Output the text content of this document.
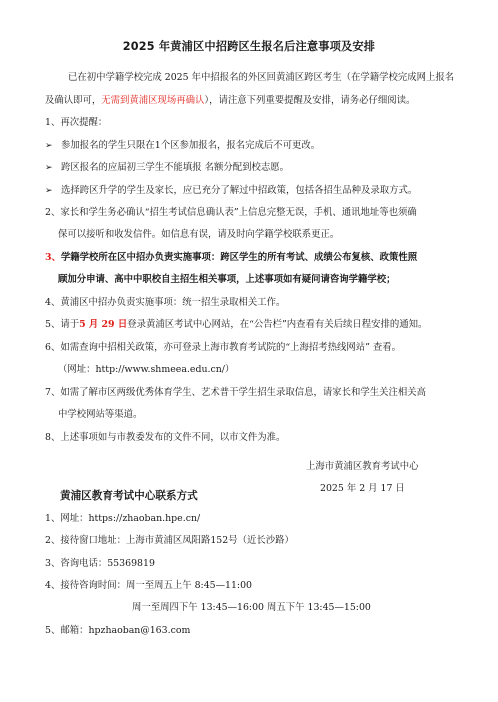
2025 年黄浦区中招跨区生报名后注意事项及安排
已在初中学籍学校完成 2025 年中招报名的外区回黄浦区跨区考生（在学籍学校完成网上报名
及确认即可，无需到黄浦区现场再确认），请注意下列重要提醒及安排，请务必仔细阅读。
1、再次提醒：
➢ 参加报名的学生只限在1个区参加报名，报名完成后不可更改。
➢ 跨区报名的应届初三学生不能填报 名额分配到校志愿。
➢ 选择跨区升学的学生及家长，应已充分了解过中招政策，包括各招生品种及录取方式。
2、家长和学生务必确认“招生考试信息确认表”上信息完整无误，手机、通讯地址等也须确
保可以接听和收发信件。如信息有误，请及时向学籍学校联系更正。
3、学籍学校所在区中招办负责实施事项：跨区学生的所有考试、成绩公布复核、政策性照
顾加分申请、高中中职校自主招生相关事项，上述事项如有疑问请咨询学籍学校；
4、黄浦区中招办负责实施事项：统一招生录取相关工作。
5、请于5 月 29 日登录黄浦区考试中心网站，在“公告栏”内查看有关后续日程安排的通知。
6、如需查询中招相关政策，亦可登录上海市教育考试院的“上海招考热线网站” 查看。
（网址：http://www.shmeea.edu.cn/）
7、如需了解市区两级优秀体育学生、艺术普干学生招生录取信息，请家长和学生关注相关高
中学校网站等渠道。
8、上述事项如与市教委发布的文件不同，以市文件为准。
上海市黄浦区教育考试中心
2025 年 2 月 17 日
黄浦区教育考试中心联系方式
1、网址：https://zhaoban.hpe.cn/
2、接待窗口地址：上海市黄浦区凤阳路152号（近长沙路）
3、咨询电话：55369819
4、接待咨询时间：周一至周五上午 8:45—11:00
周一至周四下午 13:45—16:00 周五下午 13:45—15:00
5、邮箱：hpzhaoban@163.com
